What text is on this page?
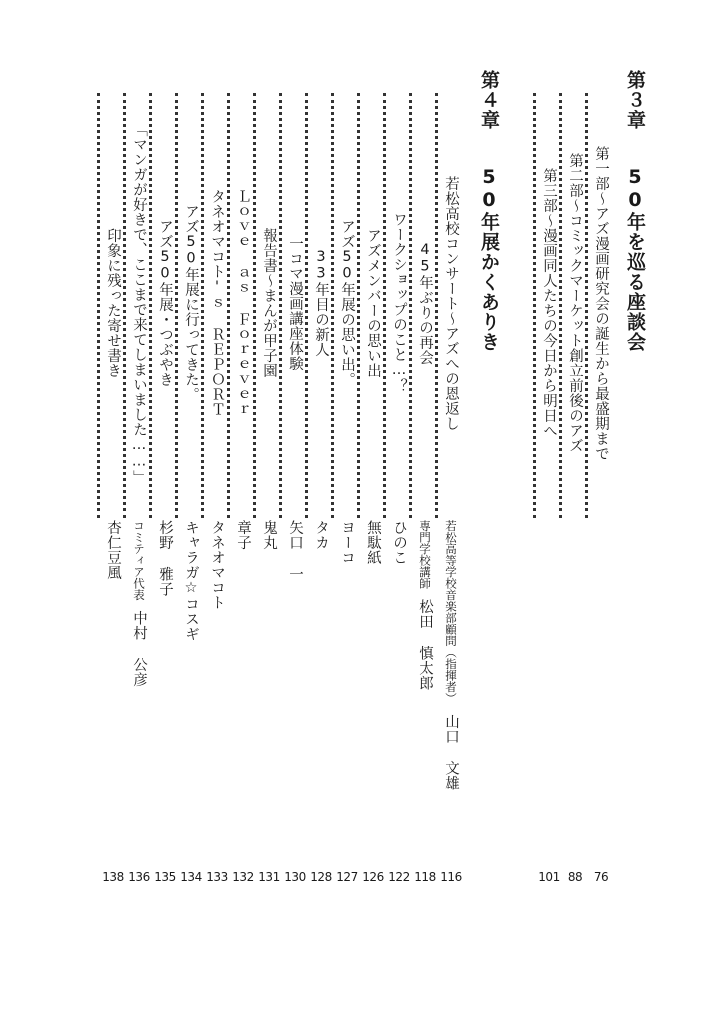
第３章50年を巡る座談会
第一部～アズ漫画研究会の誕生から最盛期まで
76
第二部～コミックマーケット創立前後のアズ
88
第三部～漫画同人たちの今日から明日へ
101
第４章50年展かくありき
若松高校コンサート～アズへの恩返し
若松高等学校音楽部顧問（指揮者）山口 文雄
116
45年ぶりの再会
専門学校講師松田 慎太郎
118
ワークショップのこと…？
ひのこ
122
アズメンバーの思い出
無駄紙
126
アズ50年展の思い出。
ヨーコ
127
33年目の新人
タカ
128
一コマ漫画講座体験
矢口 一
130
報告書～まんが甲子園
鬼丸
131
Ｌｏｖｅ ａｓ Ｆｏｒｅｖｅｒ
章子
132
タネオマコト'ｓ ＲＥＰＯＲＴ
タネオマコト
133
アズ50年展に行ってきた。
キャラガ☆コスギ
134
アズ50年展・つぶやき
杉野 雅子
135
「マンガが好きで、ここまで来てしまいました……」
コミティア代表中村 公彦
136
印象に残った寄せ書き
杏仁豆風
138
